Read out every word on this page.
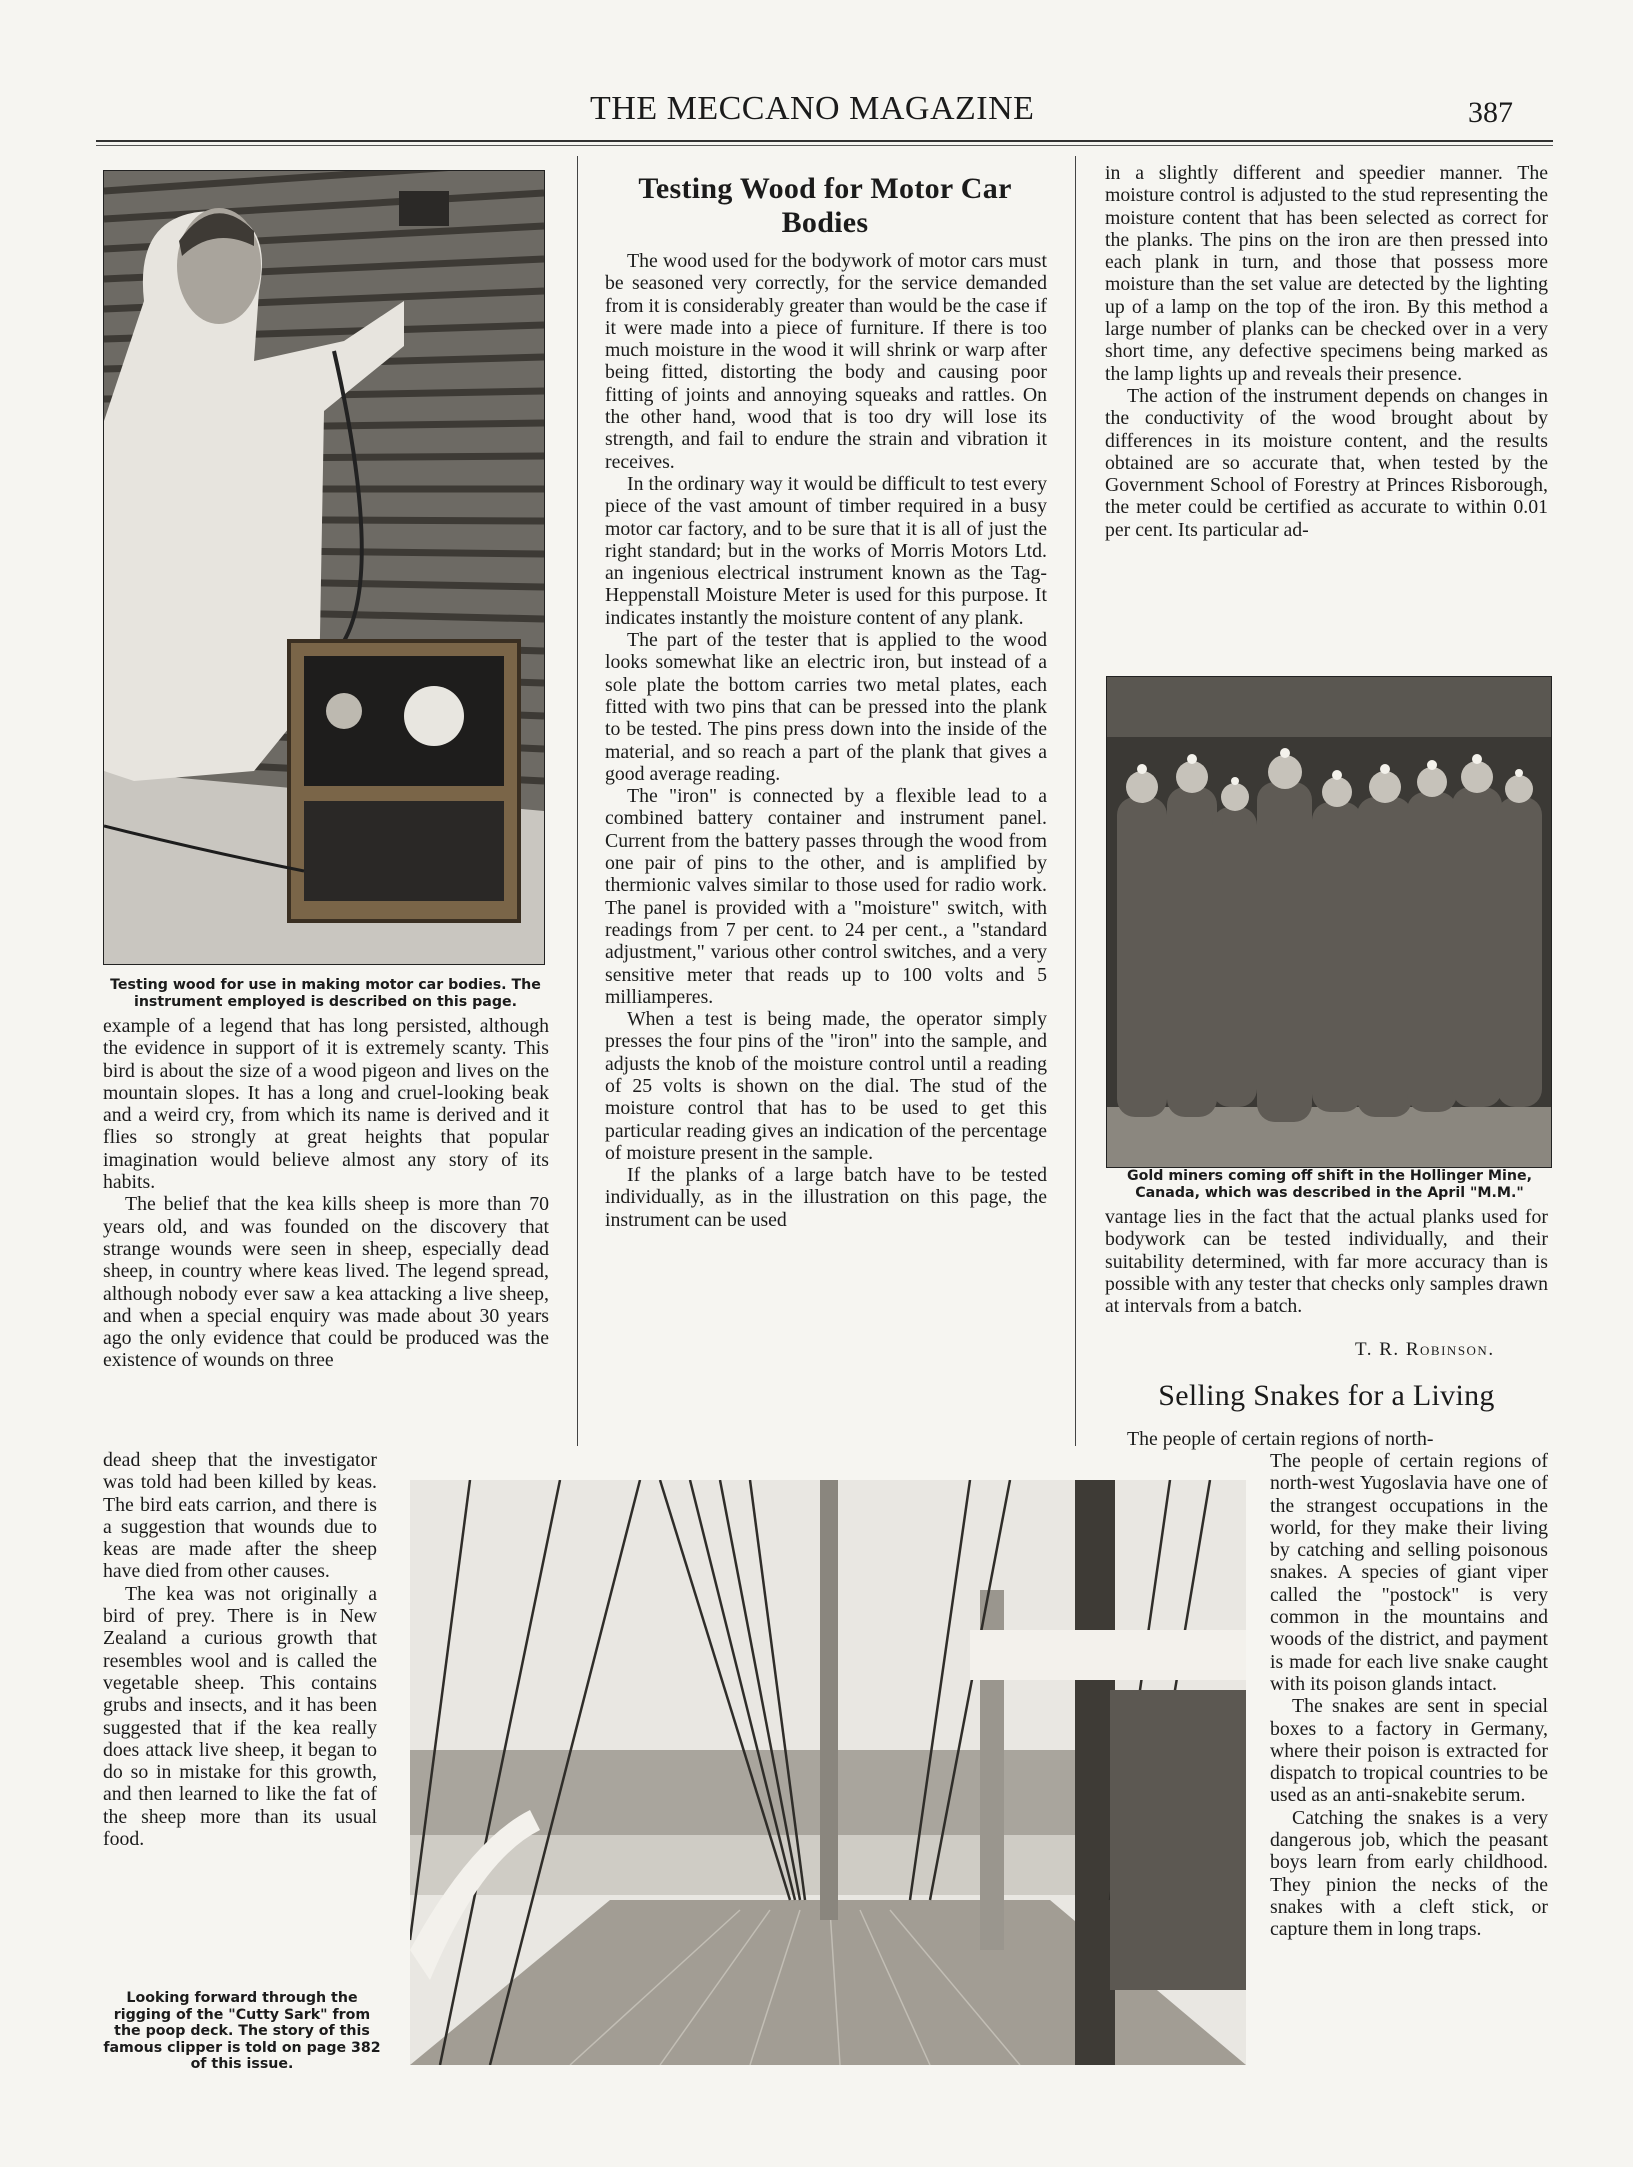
THE MECCANO MAGAZINE	387
Testing wood for use in making motor car bodies. The instrument employed is described on this page.

example of a legend that has long persisted, although the evidence in support of it is extremely scanty. This bird is about the size of a wood pigeon and lives on the mountain slopes. It has a long and cruel-looking beak and a weird cry, from which its name is derived and it flies so strongly at great heights that popular imagination would believe almost any story of its habits.

The belief that the kea kills sheep is more than 70 years old, and was founded on the discovery that strange wounds were seen in sheep, especially dead sheep, in country where keas lived. The legend spread, although nobody ever saw a kea attacking a live sheep, and when a special enquiry was made about 30 years ago the only evidence that could be produced was the existence of wounds on three

dead sheep that the investigator was told had been killed by keas. The bird eats carrion, and there is a suggestion that wounds due to keas are made after the sheep have died from other causes.

The kea was not originally a bird of prey. There is in New Zealand a curious growth that resembles wool and is called the vegetable sheep. This contains grubs and insects, and it has been suggested that if the kea really does attack live sheep, it began to do so in mistake for this growth, and then learned to like the fat of the sheep more than its usual food.

Looking forward through the rigging of the "Cutty Sark" from the poop deck. The story of this famous clipper is told on page 382 of this issue.
Testing Wood for Motor Car Bodies

The wood used for the bodywork of motor cars must be seasoned very correctly, for the service demanded from it is considerably greater than would be the case if it were made into a piece of furniture. If there is too much moisture in the wood it will shrink or warp after being fitted, distorting the body and causing poor fitting of joints and annoying squeaks and rattles. On the other hand, wood that is too dry will lose its strength, and fail to endure the strain and vibration it receives.

In the ordinary way it would be difficult to test every piece of the vast amount of timber required in a busy motor car factory, and to be sure that it is all of just the right standard; but in the works of Morris Motors Ltd. an ingenious electrical instrument known as the Tag-Heppenstall Moisture Meter is used for this purpose. It indicates instantly the moisture content of any plank.

The part of the tester that is applied to the wood looks somewhat like an electric iron, but instead of a sole plate the bottom carries two metal plates, each fitted with two pins that can be pressed into the plank to be tested. The pins press down into the inside of the material, and so reach a part of the plank that gives a good average reading.

The "iron" is connected by a flexible lead to a combined battery container and instrument panel. Current from the battery passes through the wood from one pair of pins to the other, and is amplified by thermionic valves similar to those used for radio work. The panel is provided with a "moisture" switch, with readings from 7 per cent. to 24 per cent., a "standard adjustment," various other control switches, and a very sensitive meter that reads up to 100 volts and 5 milliamperes.

When a test is being made, the operator simply presses the four pins of the "iron" into the sample, and adjusts the knob of the moisture control until a reading of 25 volts is shown on the dial. The stud of the moisture control that has to be used to get this particular reading gives an indication of the percentage of moisture present in the sample.

If the planks of a large batch have to be tested individually, as in the illustration on this page, the instrument can be used

in a slightly different and speedier manner. The moisture control is adjusted to the stud representing the moisture content that has been selected as correct for the planks. The pins on the iron are then pressed into each plank in turn, and those that possess more moisture than the set value are detected by the lighting up of a lamp on the top of the iron. By this method a large number of planks can be checked over in a very short time, any defective specimens being marked as the lamp lights up and reveals their presence.

The action of the instrument depends on changes in the conductivity of the wood brought about by differences in its moisture content, and the results obtained are so accurate that, when tested by the Government School of Forestry at Princes Risborough, the meter could be certified as accurate to within 0.01 per cent. Its particular ad-

Gold miners coming off shift in the Hollinger Mine, Canada, which was described in the April "M.M."

vantage lies in the fact that the actual planks used for bodywork can be tested individually, and their suitability determined, with far more accuracy than is possible with any tester that checks only samples drawn at intervals from a batch.

T. R. Robinson.
Selling Snakes for a Living

The people of certain regions of north-

The people of certain regions of north-west Yugoslavia have one of the strangest occupations in the world, for they make their living by catching and selling poisonous snakes. A species of giant viper called the "postock" is very common in the mountains and woods of the district, and payment is made for each live snake caught with its poison glands intact.

The snakes are sent in special boxes to a factory in Germany, where their poison is extracted for dispatch to tropical countries to be used as an anti-snakebite serum.

Catching the snakes is a very dangerous job, which the peasant boys learn from early childhood. They pinion the necks of the snakes with a cleft stick, or capture them in long traps.
